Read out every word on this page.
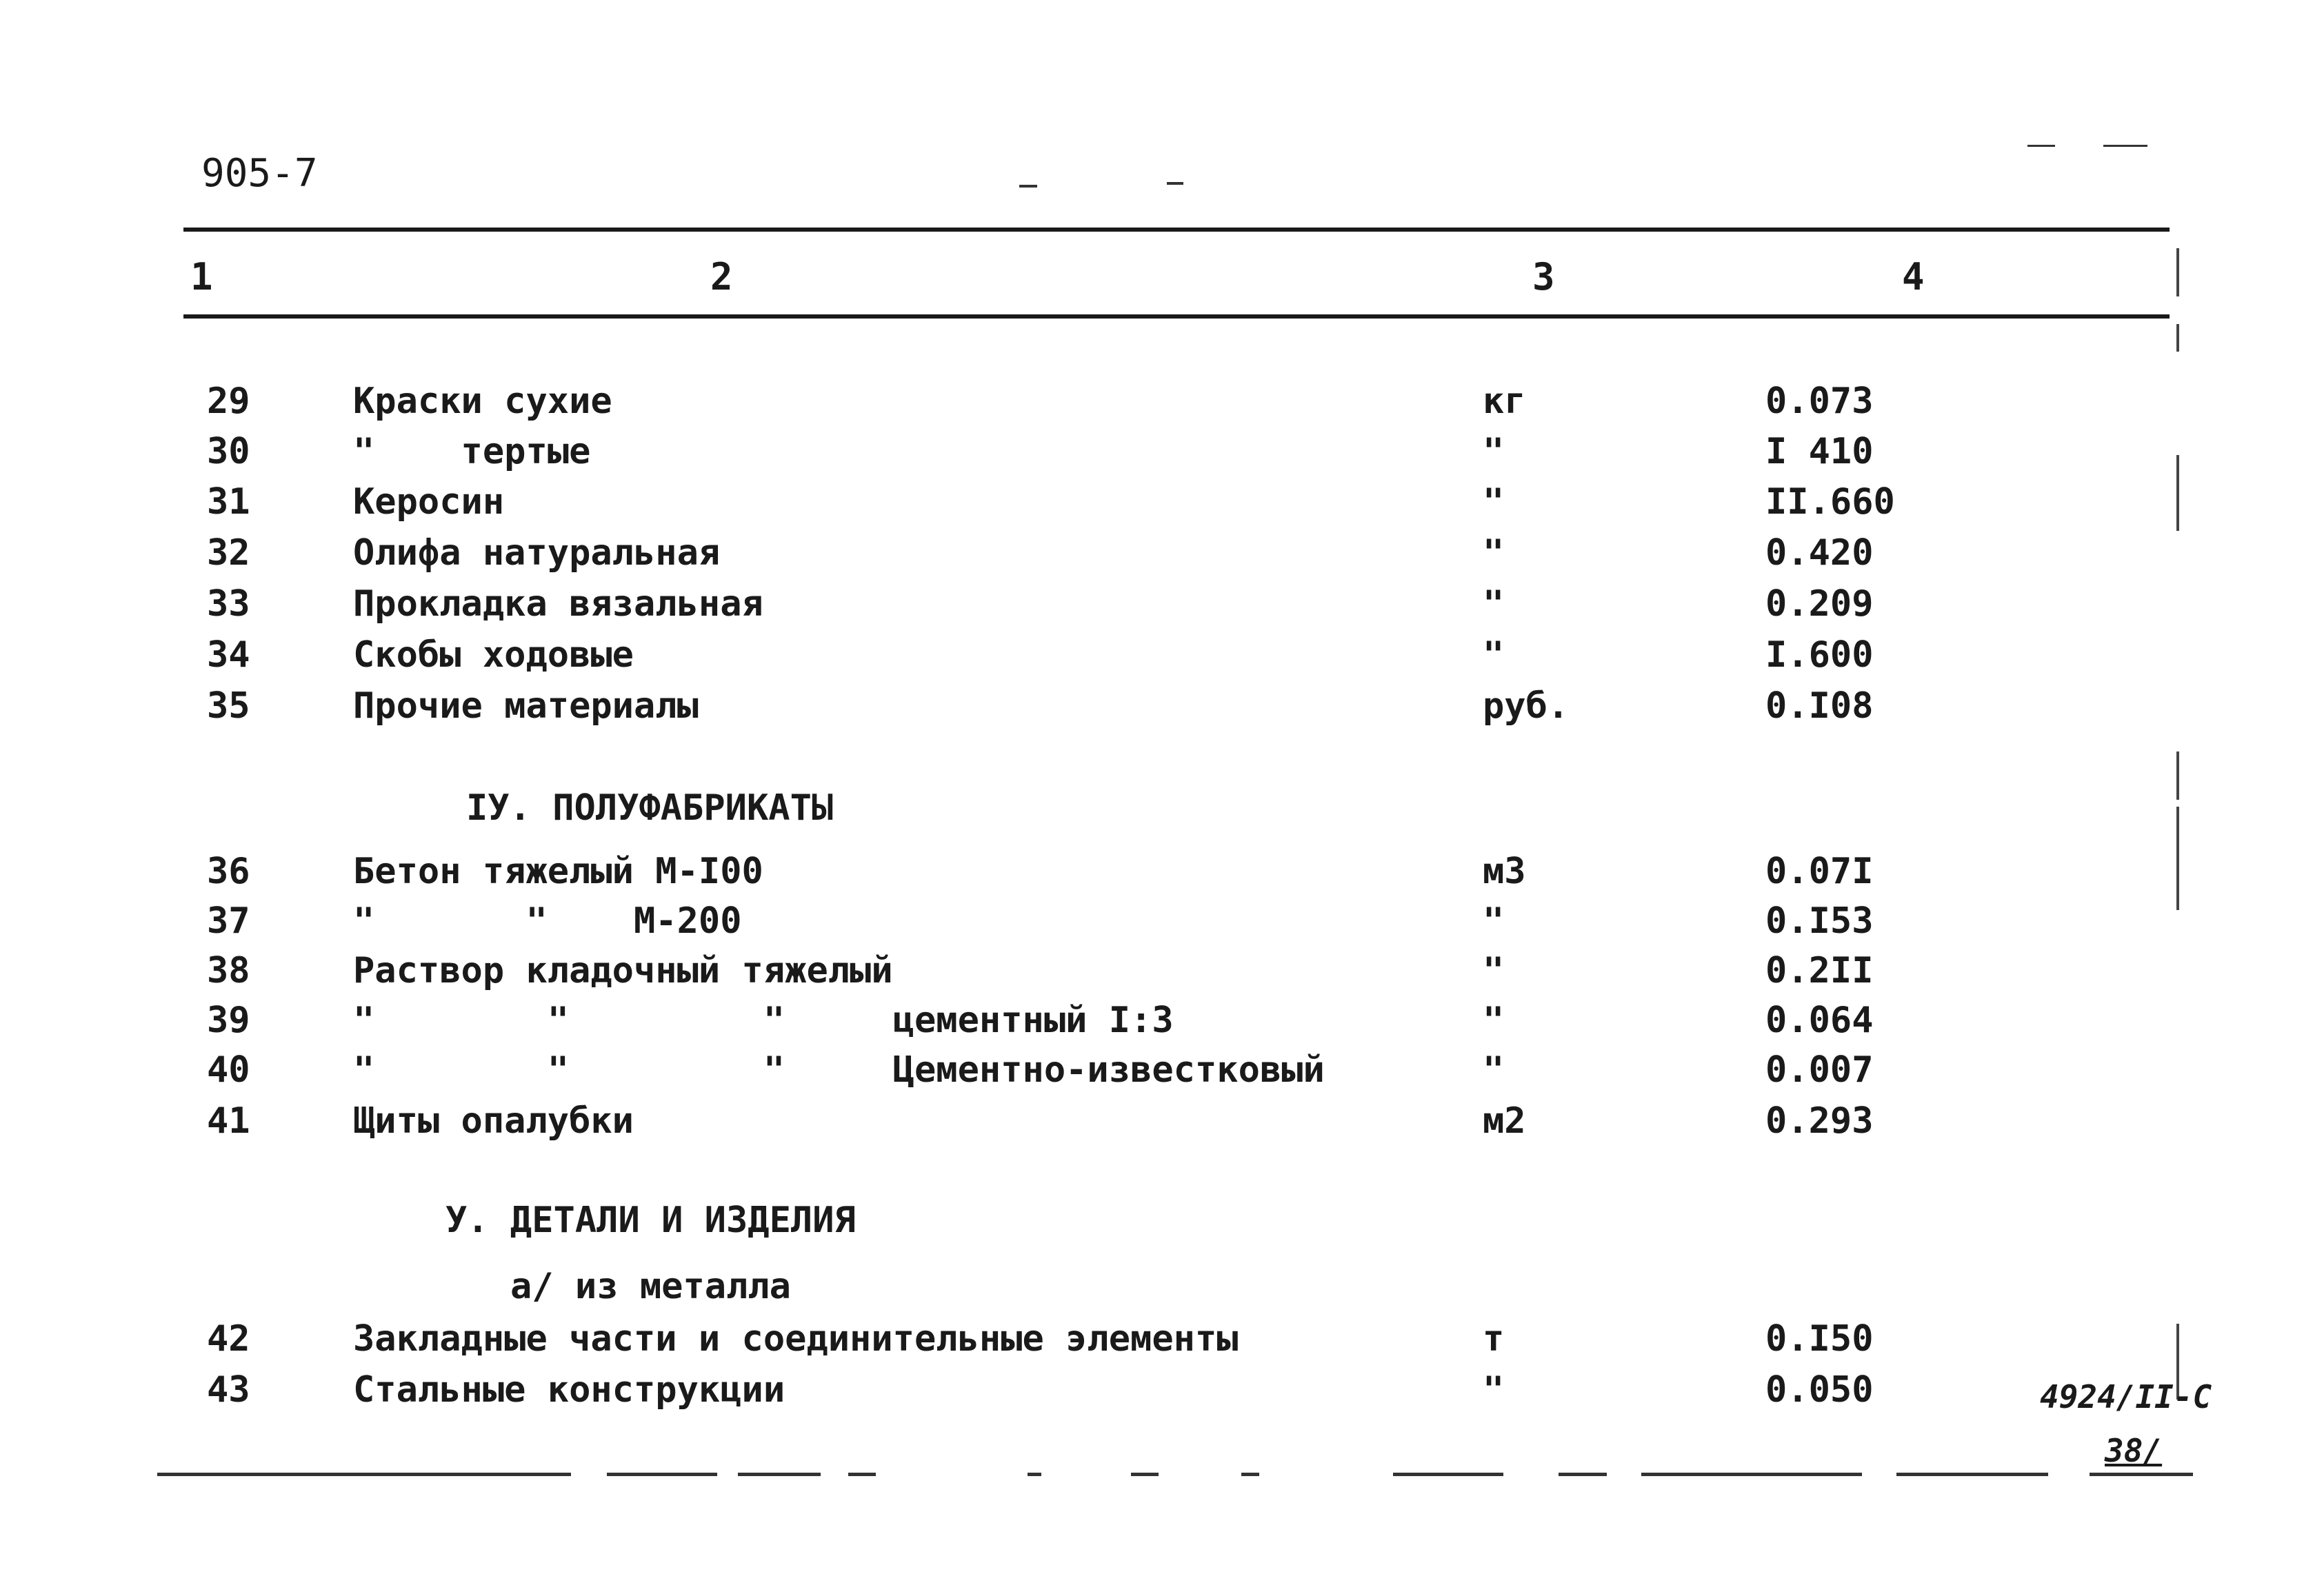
905-7
1	2	3	4
29	Краски сухие	кг	0.073
30	"    тертые	"	I 410
31	Керосин	"	II.660
32	Олифа натуральная	"	0.420
33	Прокладка вязальная	"	0.209
34	Скобы ходовые	"	I.600
35	Прочие материалы	руб.	0.I08
IУ. ПОЛУФАБРИКАТЫ
36	Бетон тяжелый М-I00	м3	0.07I
37	"       "    М-200	"	0.I53
38	Раствор кладочный тяжелый	"	0.2II
39	"        "         "     цементный I:3	"	0.064
40	"        "         "     Цементно-известковый	"	0.007
41	Щиты опалубки	м2	0.293
У. ДЕТАЛИ И ИЗДЕЛИЯ
а/ из металла
42	Закладные части и соединительные элементы	т	0.I50
43	Стальные конструкции	"	0.050	4924/II-C
38/
